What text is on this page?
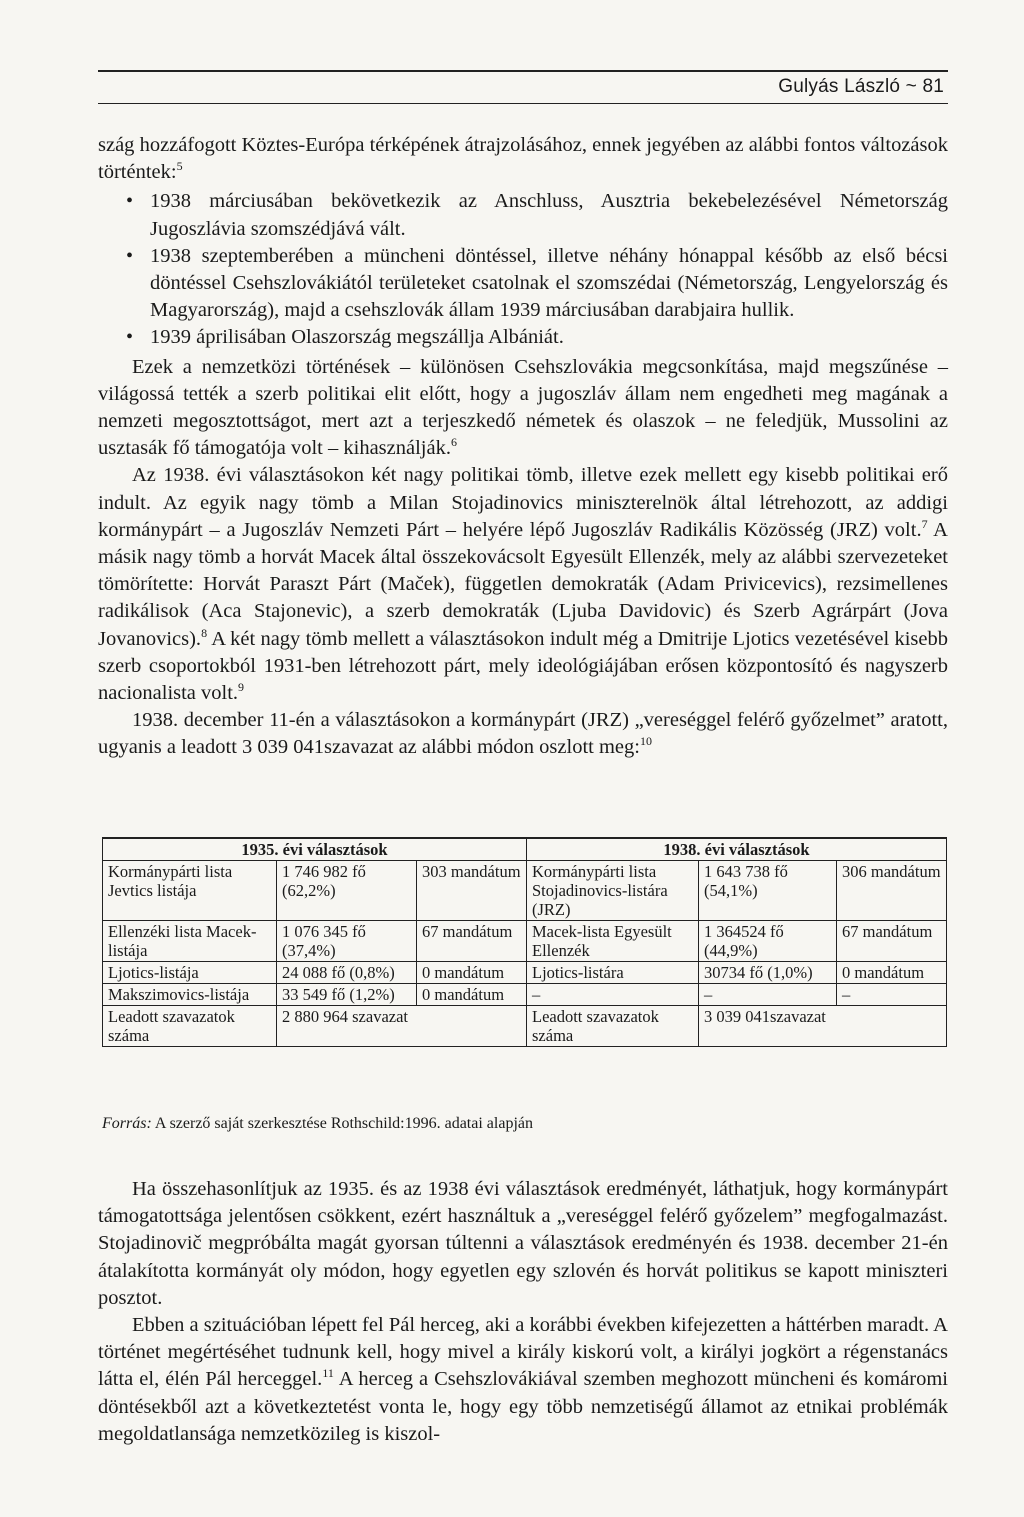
Gulyás László ~ 81

szág hozzáfogott Köztes-Európa térképének átrajzolásához, ennek jegyében az alábbi fontos változások történtek:$^5$

• 1938 márciusában bekövetkezik az Anschluss, Ausztria bekebelezésével Németország Jugoszlávia szomszédjává vált.
• 1938 szeptemberében a müncheni döntéssel, illetve néhány hónappal később az első bécsi döntéssel Csehszlovákiától területeket csatolnak el szomszédai (Németország, Lengyelország és Magyarország), majd a csehszlovák állam 1939 márciusában darabjaira hullik.
• 1939 áprilisában Olaszország megszállja Albániát.

Ezek a nemzetközi történések – különösen Csehszlovákia megcsonkítása, majd megszűnése – világossá tették a szerb politikai elit előtt, hogy a jugoszláv állam nem engedheti meg magának a nemzeti megosztottságot, mert azt a terjeszkedő németek és olaszok – ne feledjük, Mussolini az usztasák fő támogatója volt – kihasználják.$^6$

Az 1938. évi választásokon két nagy politikai tömb, illetve ezek mellett egy kisebb politikai erő indult. Az egyik nagy tömb a Milan Stojadinovics miniszterelnök által létrehozott, az addigi kormánypárt – a Jugoszláv Nemzeti Párt – helyére lépő Jugoszláv Radikális Közösség (JRZ) volt.$^7$ A másik nagy tömb a horvát Macek által összekovácsolt Egyesült Ellenzék, mely az alábbi szervezeteket tömörítette: Horvát Paraszt Párt (Maček), független demokraták (Adam Privicevics), rezsimellenes radikálisok (Aca Stajonevic), a szerb demokraták (Ljuba Davidovic) és Szerb Agrárpárt (Jova Jovanovics).$^8$ A két nagy tömb mellett a választásokon indult még a Dmitrije Ljotics vezetésével kisebb szerb csoportokból 1931-ben létrehozott párt, mely ideológiájában erősen központosító és nagyszerb nacionalista volt.$^9$

1938. december 11-én a választásokon a kormánypárt (JRZ) „vereséggel felérő győzelmet” aratott, ugyanis a leadott 3 039 041szavazat az alábbi módon oszlott meg:$^{10}$

1935. évi választások			1938. évi választások		
Kormánypárti lista Jevtics listája	1 746 982 fő (62,2%)	303 mandátum	Kormánypárti lista Stojadinovics-listára (JRZ)	1 643 738 fő (54,1%)	306 mandátum
Ellenzéki lista Macek-listája	1 076 345 fő (37,4%)	67 mandátum	Macek-lista Egyesült Ellenzék	1 364524 fő (44,9%)	67 mandátum
Ljotics-listája	24 088 fő (0,8%)	0 mandátum	Ljotics-listára	30734 fő (1,0%)	0 mandátum
Makszimovics-listája	33 549 fő (1,2%)	0 mandátum	–	–	–
Leadott szavazatok száma	2 880 964 szavazat		Leadott szavazatok száma	3 039 041szavazat	
Forrás: A szerző saját szerkesztése Rothschild:1996. adatai alapján

Ha összehasonlítjuk az 1935. és az 1938 évi választások eredményét, láthatjuk, hogy kormánypárt támogatottsága jelentősen csökkent, ezért használtuk a „vereséggel felérő győzelem” megfogalmazást. Stojadinovič megpróbálta magát gyorsan túltenni a választások eredményén és 1938. december 21-én átalakította kormányát oly módon, hogy egyetlen egy szlovén és horvát politikus se kapott miniszteri posztot.

Ebben a szituációban lépett fel Pál herceg, aki a korábbi években kifejezetten a háttérben maradt. A történet megértéséhet tudnunk kell, hogy mivel a király kiskorú volt, a királyi jogkört a régenstanács látta el, élén Pál herceggel.$^{11}$ A herceg a Csehszlovákiával szemben meghozott müncheni és komáromi döntésekből azt a következtetést vonta le, hogy egy több nemzetiségű államot az etnikai problémák megoldatlansága nemzetközileg is kiszol-
